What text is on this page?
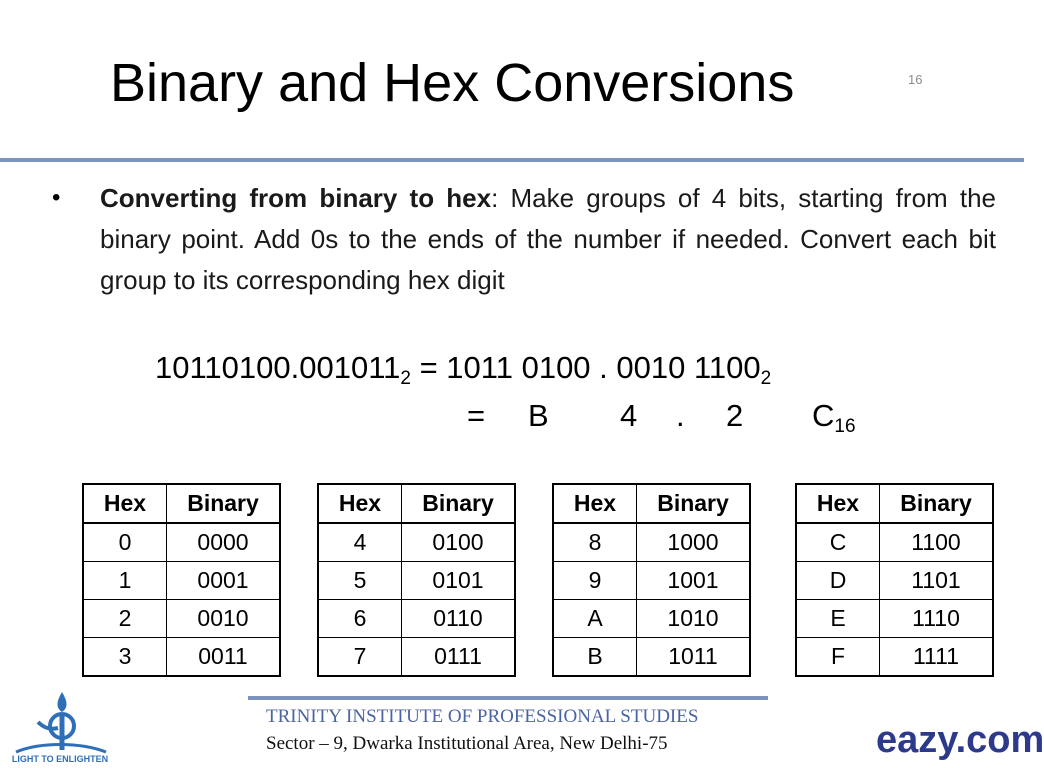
Binary and Hex Conversions	16
• Converting from binary to hex: Make groups of 4 bits, starting from the binary point. Add 0s to the ends of the number if needed. Convert each bit group to its corresponding hex digit
$10110100.001011_2 = 1011$ 0100 . 0010 $1100_2$
= B 4 . 2 $C_{16}$
Hex	Binary
0	0000
1	0001
2	0010
3	0011
Hex	Binary
4	0100
5	0101
6	0110
7	0111
Hex	Binary
8	1000
9	1001
A	1010
B	1011
Hex	Binary
C	1100
D	1101
E	1110
F	1111
TRINITY INSTITUTE OF PROFESSIONAL STUDIES
Sector – 9, Dwarka Institutional Area, New Delhi-75
LIGHT TO ENLIGHTEN	eazy.com
